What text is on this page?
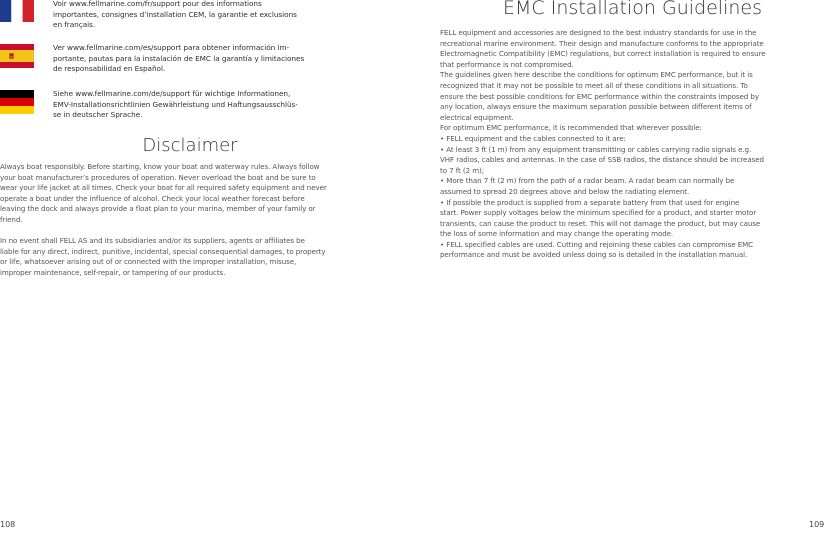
Voir www.fellmarine.com/fr/support pour des informations
importantes, consignes d’installation CEM, la garantie et exclusions
en français.
Ver www.fellmarine.com/es/support para obtener información im-
portante, pautas para la instalación de EMC la garantía y limitaciones
de responsabilidad en Español.
Siehe www.fellmarine.com/de/support für wichtige Informationen,
EMV-Installationsrichtlinien Gewährleistung und Haftungsausschlüs-
se in deutscher Sprache.
Disclaimer
Always boat responsibly. Before starting, know your boat and waterway rules. Always follow
your boat manufacturer’s procedures of operation. Never overload the boat and be sure to
wear your life jacket at all times. Check your boat for all required safety equipment and never
operate a boat under the influence of alcohol. Check your local weather forecast before
leaving the dock and always provide a float plan to your marina, member of your family or
friend.
In no event shall FELL AS and its subsidiaries and/or its suppliers, agents or affiliates be
liable for any direct, indirect, punitive, incidental, special consequential damages, to property
or life, whatsoever arising out of or connected with the improper installation, misuse,
improper maintenance, self-repair, or tampering of our products.
108
EMC Installation Guidelines
FELL equipment and accessories are designed to the best industry standards for use in the
recreational marine environment. Their design and manufacture conforms to the appropriate
Electromagnetic Compatibility (EMC) regulations, but correct installation is required to ensure
that performance is not compromised.
The guidelines given here describe the conditions for optimum EMC performance, but it is
recognized that it may not be possible to meet all of these conditions in all situations. To
ensure the best possible conditions for EMC performance within the constraints imposed by
any location, always ensure the maximum separation possible between different items of
electrical equipment.
For optimum EMC performance, it is recommended that wherever possible:
• FELL equipment and the cables connected to it are:
• At least 3 ft (1 m) from any equipment transmitting or cables carrying radio signals e.g.
VHF radios, cables and antennas. In the case of SSB radios, the distance should be increased
to 7 ft (2 m);
• More than 7 ft (2 m) from the path of a radar beam. A radar beam can normally be
assumed to spread 20 degrees above and below the radiating element.
• If possible the product is supplied from a separate battery from that used for engine
start. Power supply voltages below the minimum specified for a product, and starter motor
transients, can cause the product to reset. This will not damage the product, but may cause
the loss of some information and may change the operating mode.
• FELL specified cables are used. Cutting and rejoining these cables can compromise EMC
performance and must be avoided unless doing so is detailed in the installation manual.
109
